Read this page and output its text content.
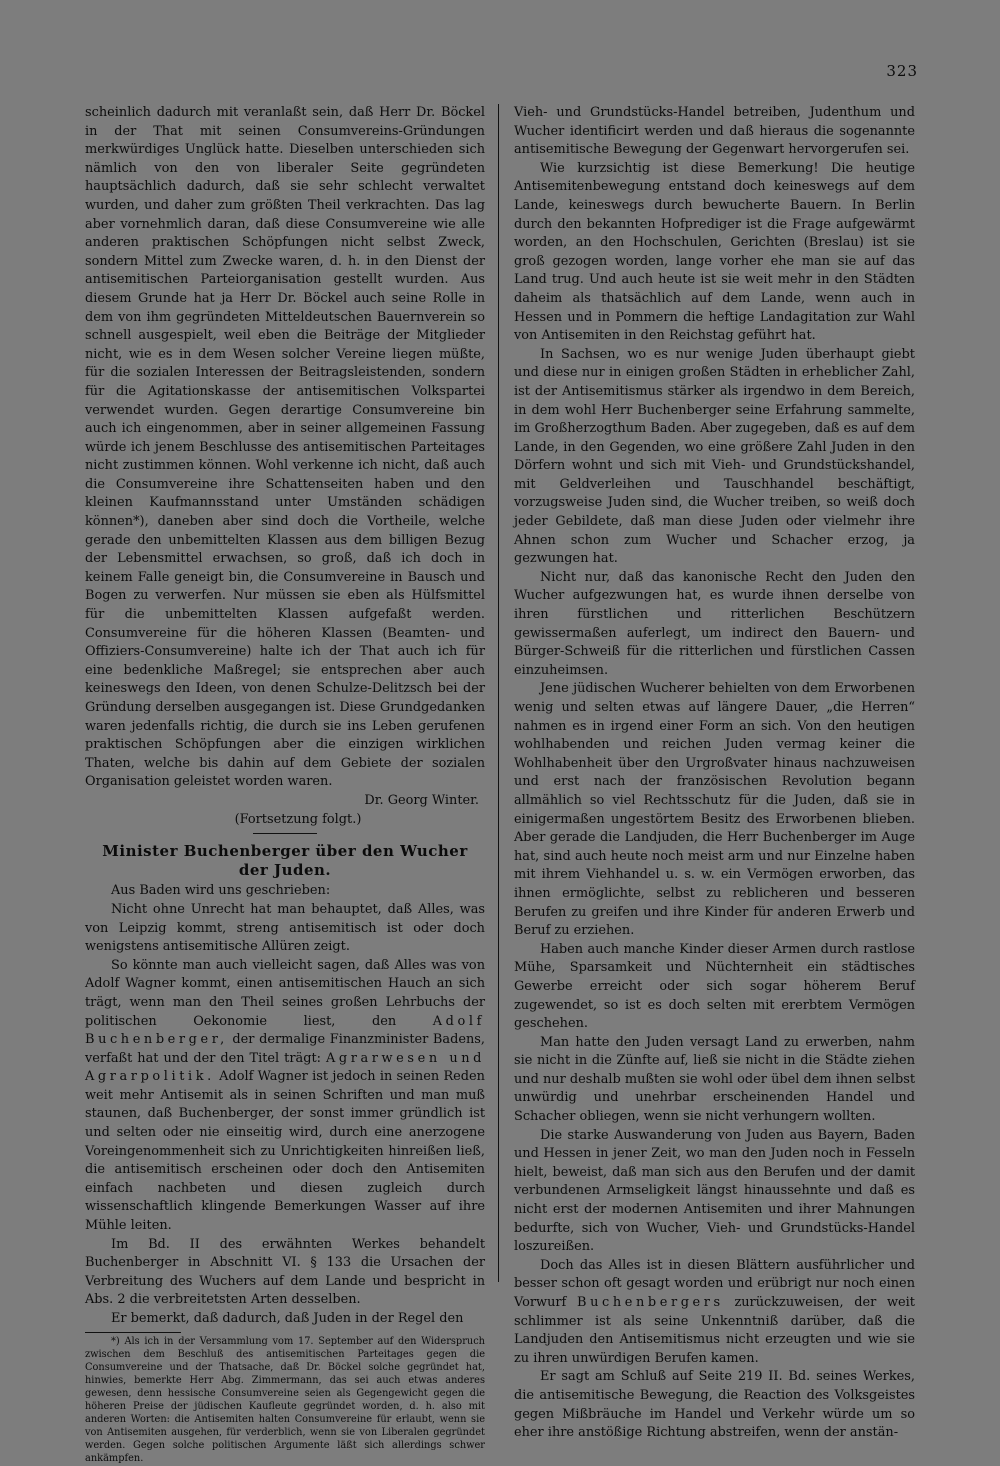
323

scheinlich dadurch mit veranlaßt sein, daß Herr Dr. Böckel in der That mit seinen Consumvereins-Gründungen merkwürdiges Unglück hatte. Dieselben unterschieden sich nämlich von den von liberaler Seite gegründeten hauptsächlich dadurch, daß sie sehr schlecht verwaltet wurden, und daher zum größten Theil verkrachten. Das lag aber vornehmlich daran, daß diese Consumvereine wie alle anderen praktischen Schöpfungen nicht selbst Zweck, sondern Mittel zum Zwecke waren, d. h. in den Dienst der antisemitischen Parteiorganisation gestellt wurden. Aus diesem Grunde hat ja Herr Dr. Böckel auch seine Rolle in dem von ihm gegründeten Mitteldeutschen Bauernverein so schnell ausgespielt, weil eben die Beiträge der Mitglieder nicht, wie es in dem Wesen solcher Vereine liegen müßte, für die sozialen Interessen der Beitragsleistenden, sondern für die Agitationskasse der antisemitischen Volkspartei verwendet wurden. Gegen derartige Consumvereine bin auch ich eingenommen, aber in seiner allgemeinen Fassung würde ich jenem Beschlusse des antisemitischen Parteitages nicht zustimmen können. Wohl verkenne ich nicht, daß auch die Consumvereine ihre Schattenseiten haben und den kleinen Kaufmannsstand unter Umständen schädigen können*), daneben aber sind doch die Vortheile, welche gerade den unbemittelten Klassen aus dem billigen Bezug der Lebensmittel erwachsen, so groß, daß ich doch in keinem Falle geneigt bin, die Consumvereine in Bausch und Bogen zu verwerfen. Nur müssen sie eben als Hülfsmittel für die unbemittelten Klassen aufgefaßt werden. Consumvereine für die höheren Klassen (Beamten- und Offiziers-Consumvereine) halte ich der That auch ich für eine bedenkliche Maßregel; sie entsprechen aber auch keineswegs den Ideen, von denen Schulze-Delitzsch bei der Gründung derselben ausgegangen ist. Diese Grundgedanken waren jedenfalls richtig, die durch sie ins Leben gerufenen praktischen Schöpfungen aber die einzigen wirklichen Thaten, welche bis dahin auf dem Gebiete der sozialen Organisation geleistet worden waren.

Dr. Georg Winter.

(Fortsetzung folgt.)

Minister Buchenberger über den Wucher der Juden.

Aus Baden wird uns geschrieben:

Nicht ohne Unrecht hat man behauptet, daß Alles, was von Leipzig kommt, streng antisemitisch ist oder doch wenigstens antisemitische Allüren zeigt.

So könnte man auch vielleicht sagen, daß Alles was von Adolf Wagner kommt, einen antisemitischen Hauch an sich trägt, wenn man den Theil seines großen Lehrbuchs der politischen Oekonomie liest, den	Adolf Buchenberger, der dermalige Finanzminister Badens, verfaßt hat und der den Titel trägt: Agrarwesen und Agrarpolitik. Adolf Wagner ist jedoch in seinen Reden weit mehr Antisemit als in seinen Schriften und man muß staunen, daß Buchenberger, der sonst immer gründlich ist und selten oder nie einseitig wird, durch eine anerzogene Voreingenommenheit sich zu Unrichtigkeiten hinreißen ließ, die antisemitisch erscheinen oder doch den Antisemiten einfach nachbeten und diesen zugleich durch wissenschaftlich klingende Bemerkungen Wasser auf ihre Mühle leiten.

Im Bd. II des erwähnten Werkes behandelt Buchenberger in Abschnitt VI. § 133 die Ursachen der Verbreitung des Wuchers auf dem Lande und bespricht in Abs. 2 die verbreitetsten Arten desselben.

Er bemerkt, daß dadurch, daß Juden in der Regel den

*) Als ich in der Versammlung vom 17. September auf den Widerspruch zwischen dem Beschluß des antisemitischen Parteitages gegen die Consumvereine und der Thatsache, daß Dr. Böckel solche gegründet hat, hinwies, bemerkte Herr Abg. Zimmermann, das sei auch etwas anderes gewesen, denn hessische Consumvereine seien als Gegengewicht gegen die höheren Preise der jüdischen Kaufleute gegründet worden, d. h. also mit anderen Worten: die Antisemiten halten Consumvereine für erlaubt, wenn sie von Antisemiten ausgehen, für verderblich, wenn sie von Liberalen gegründet werden. Gegen solche politischen Argumente läßt sich allerdings schwer ankämpfen.

Vieh- und Grundstücks-Handel betreiben, Judenthum und Wucher identificirt werden und daß hieraus die sogenannte antisemitische Bewegung der Gegenwart hervorgerufen sei.

Wie kurzsichtig ist diese Bemerkung! Die heutige Antisemitenbewegung entstand doch keineswegs auf dem Lande, keineswegs durch bewucherte Bauern. In Berlin durch den bekannten Hofprediger ist die Frage aufgewärmt worden, an den Hochschulen, Gerichten (Breslau) ist sie groß gezogen worden, lange vorher ehe man sie auf das Land trug. Und auch heute ist sie weit mehr in den Städten daheim als thatsächlich auf dem Lande, wenn auch in Hessen und in Pommern die heftige Landagitation zur Wahl von Antisemiten in den Reichstag geführt hat.

In Sachsen, wo es nur wenige Juden überhaupt giebt und diese nur in einigen großen Städten in erheblicher Zahl, ist der Antisemitismus stärker als irgendwo in dem Bereich, in dem wohl Herr Buchenberger seine Erfahrung sammelte, im Großherzogthum Baden. Aber zugegeben, daß es auf dem Lande, in den Gegenden, wo eine größere Zahl Juden in den Dörfern wohnt und sich mit Vieh- und Grundstückshandel, mit Geldverleihen und Tauschhandel beschäftigt, vorzugsweise Juden sind, die Wucher treiben, so weiß doch jeder Gebildete, daß man diese Juden oder vielmehr ihre Ahnen schon zum Wucher und Schacher erzog, ja gezwungen hat.

Nicht nur, daß das kanonische Recht den Juden den Wucher aufgezwungen hat, es wurde ihnen derselbe von ihren fürstlichen und ritterlichen Beschützern gewissermaßen auferlegt, um indirect den Bauern- und Bürger-Schweiß für die ritterlichen und fürstlichen Cassen einzuheimsen.

Jene jüdischen Wucherer behielten von dem Erworbenen wenig und selten etwas auf längere Dauer, „die Herren“ nahmen es in irgend einer Form an sich. Von den heutigen wohlhabenden und reichen Juden vermag keiner die Wohlhabenheit über den Urgroßvater hinaus nachzuweisen und erst nach der französischen Revolution begann allmählich so viel Rechtsschutz für die Juden, daß sie in einigermaßen ungestörtem Besitz des Erworbenen blieben. Aber gerade die Landjuden, die Herr Buchenberger im Auge hat, sind auch heute noch meist arm und nur Einzelne haben mit ihrem Viehhandel u. s. w. ein Vermögen erworben, das ihnen ermöglichte, selbst zu reblicheren und besseren Berufen zu greifen und ihre Kinder für anderen Erwerb und Beruf zu erziehen.

Haben auch manche Kinder dieser Armen durch rastlose Mühe, Sparsamkeit und Nüchternheit ein städtisches Gewerbe erreicht oder sich sogar höherem Beruf zugewendet, so ist es doch selten mit ererbtem Vermögen geschehen.

Man hatte den Juden versagt Land zu erwerben, nahm sie nicht in die Zünfte auf, ließ sie nicht in die Städte ziehen und nur deshalb mußten sie wohl oder übel dem ihnen selbst unwürdig und unehrbar erscheinenden Handel und Schacher obliegen, wenn sie nicht verhungern wollten.

Die starke Auswanderung von Juden aus Bayern, Baden und Hessen in jener Zeit, wo man den Juden noch in Fesseln hielt, beweist, daß man sich aus den Berufen und der damit verbundenen Armseligkeit längst hinaussehnte und daß es nicht erst der modernen Antisemiten und ihrer Mahnungen bedurfte, sich von Wucher, Vieh- und Grundstücks-Handel loszureißen.

Doch das Alles ist in diesen Blättern ausführlicher und besser schon oft gesagt worden und erübrigt nur noch einen Vorwurf Buchenbergers zurückzuweisen, der weit schlimmer ist als seine Unkenntniß darüber, daß die Landjuden den Antisemitismus nicht erzeugten und wie sie zu ihren unwürdigen Berufen kamen.

Er sagt am Schluß auf Seite 219 II. Bd. seines Werkes, die antisemitische Bewegung, die Reaction des Volksgeistes gegen Mißbräuche im Handel und Verkehr würde um so eher ihre anstößige Richtung abstreifen, wenn der anstän-
